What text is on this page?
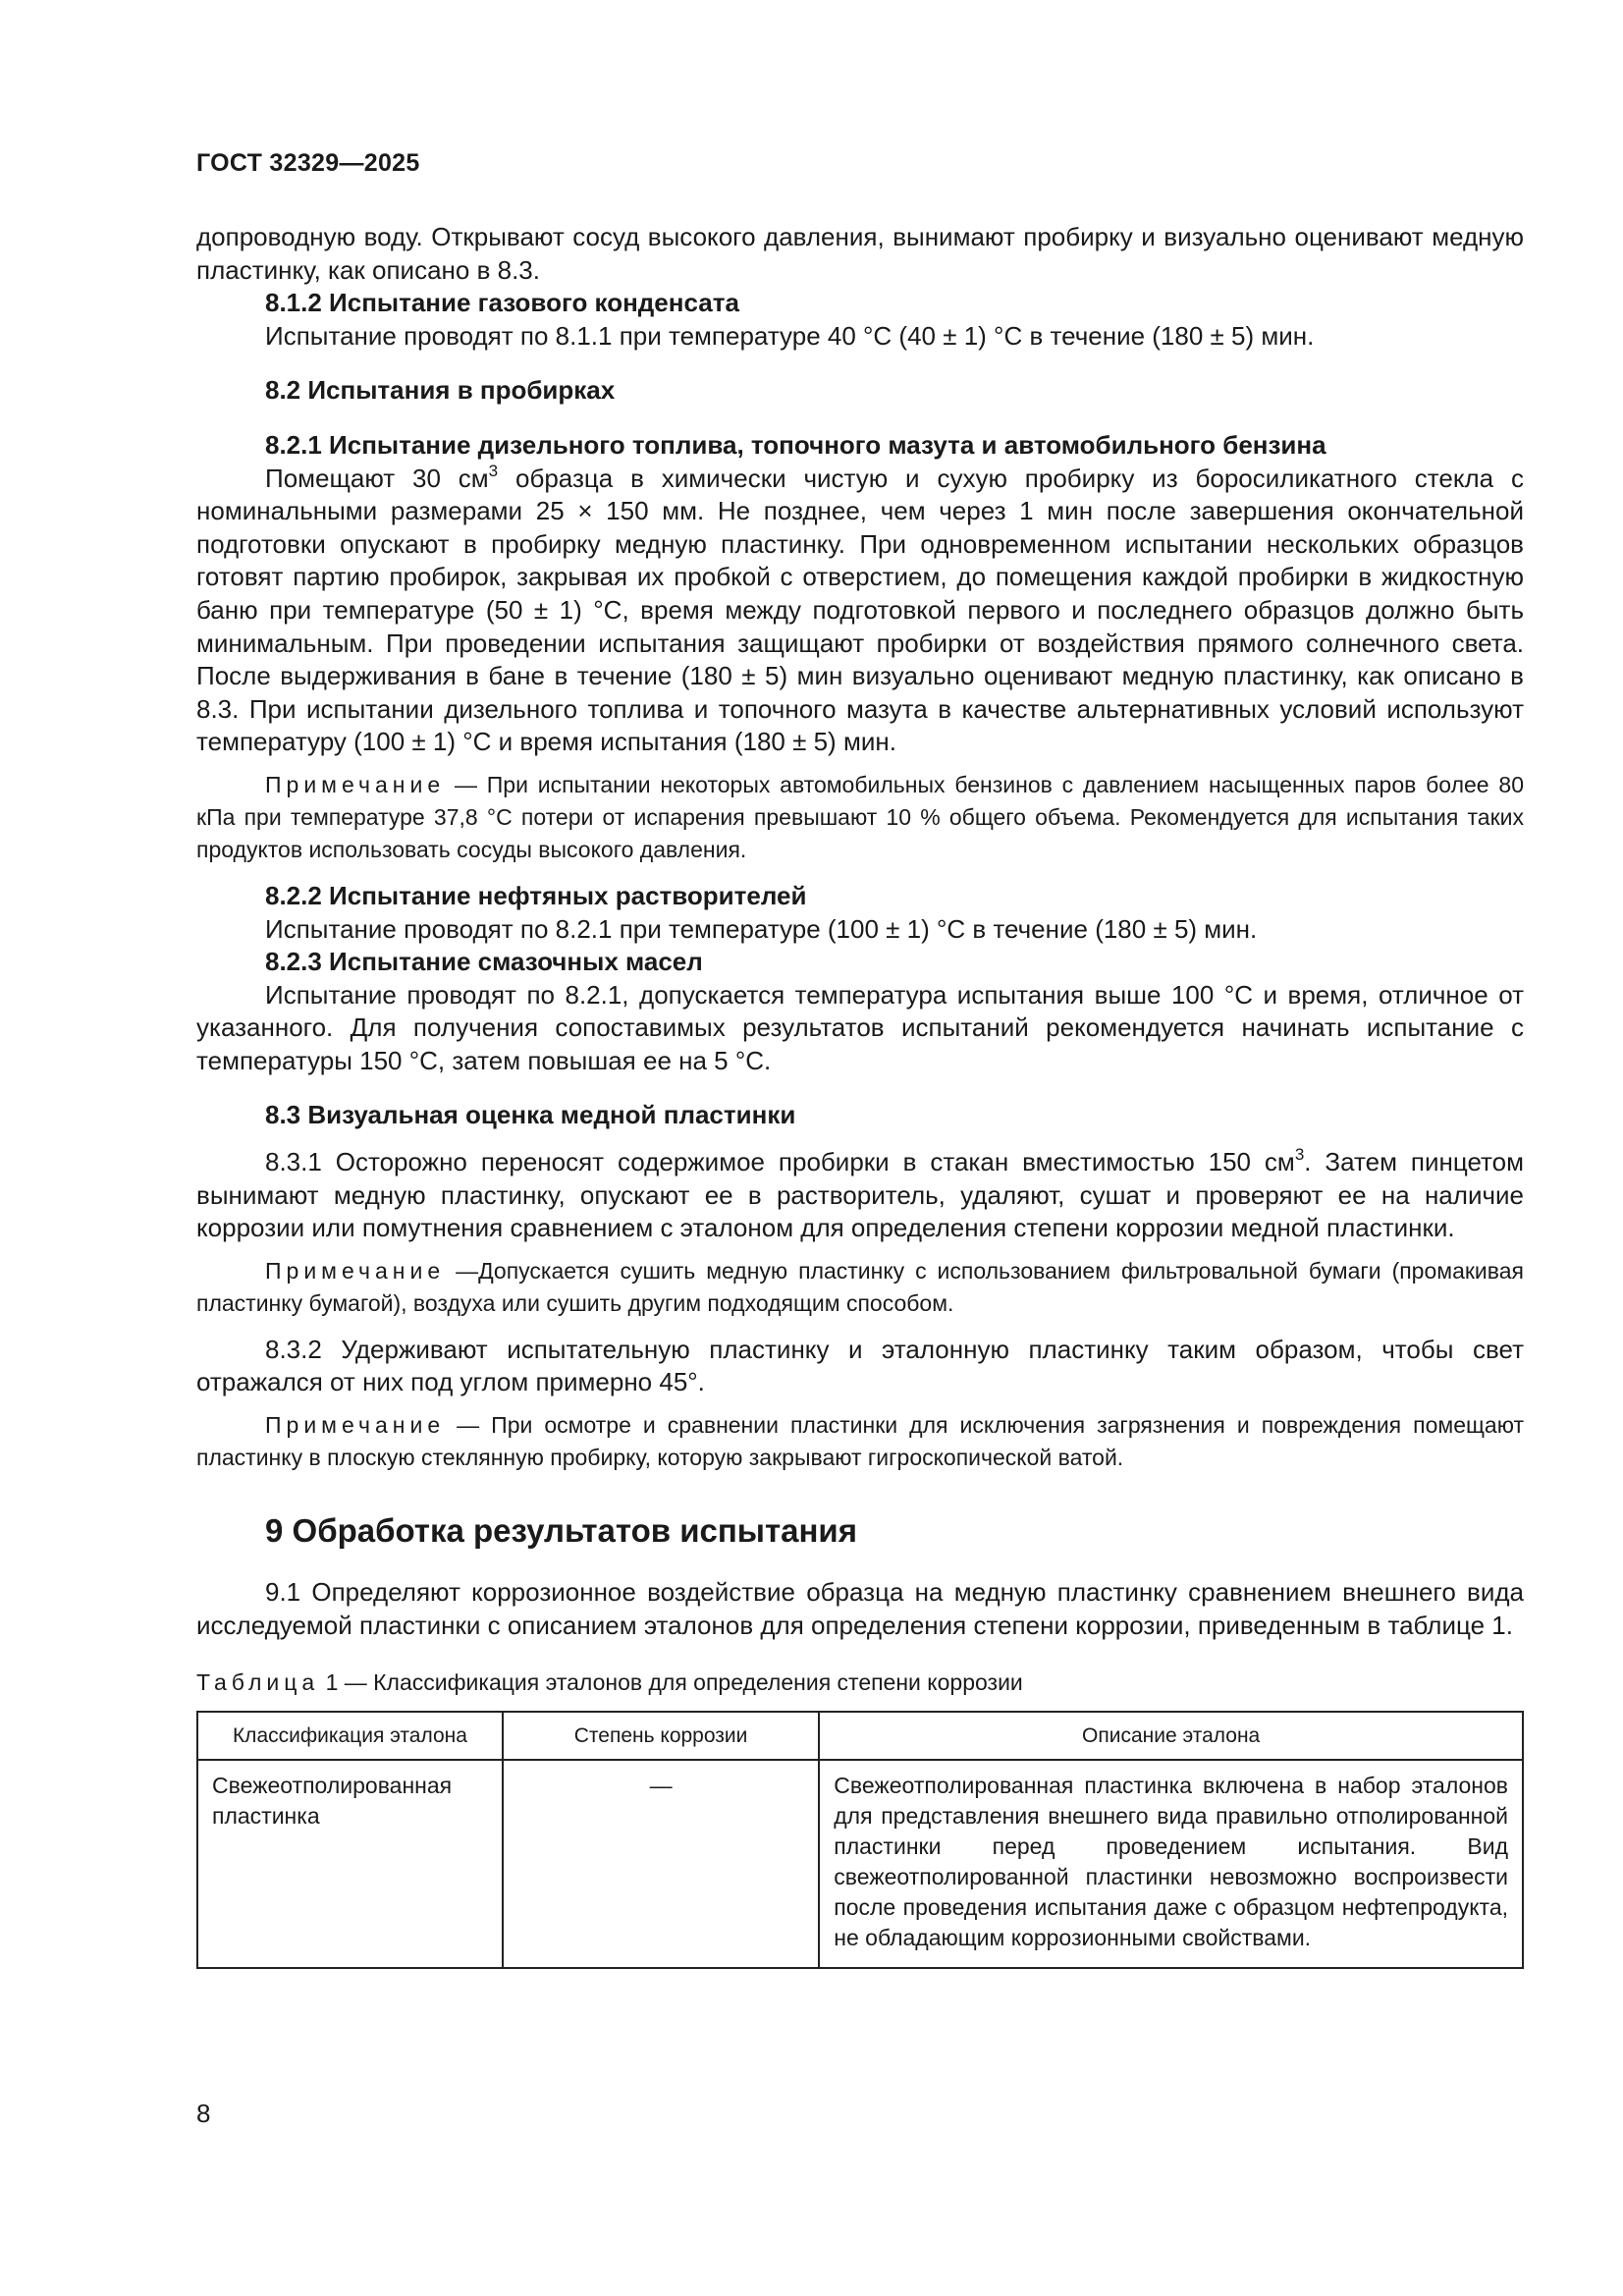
ГОСТ 32329—2025

допроводную воду. Открывают сосуд высокого давления, вынимают пробирку и визуально оценивают медную пластинку, как описано в 8.3.

8.1.2 Испытание газового конденсата

Испытание проводят по 8.1.1 при температуре 40 °C (40 ± 1) °C в течение (180 ± 5) мин.

8.2 Испытания в пробирках

8.2.1 Испытание дизельного топлива, топочного мазута и автомобильного бензина

Помещают 30 $см^3$ образца в химически чистую и сухую пробирку из боросиликатного стекла с номинальными размерами 25 × 150 мм. Не позднее, чем через 1 мин после завершения окончательной подготовки опускают в пробирку медную пластинку. При одновременном испытании нескольких образцов готовят партию пробирок, закрывая их пробкой с отверстием, до помещения каждой пробирки в жидкостную баню при температуре (50 ± 1) °C, время между подготовкой первого и последнего образцов должно быть минимальным. При проведении испытания защищают пробирки от воздействия прямого солнечного света. После выдерживания в бане в течение (180 ± 5) мин визуально оценивают медную пластинку, как описано в 8.3. При испытании дизельного топлива и топочного мазута в качестве альтернативных условий используют температуру (100 ± 1) °C и время испытания (180 ± 5) мин.

Примечание — При испытании некоторых автомобильных бензинов с давлением насыщенных паров более 80 кПа при температуре 37,8 °C потери от испарения превышают 10 % общего объема. Рекомендуется для испытания таких продуктов использовать сосуды высокого давления.

8.2.2 Испытание нефтяных растворителей

Испытание проводят по 8.2.1 при температуре (100 ± 1) °C в течение (180 ± 5) мин.

8.2.3 Испытание смазочных масел

Испытание проводят по 8.2.1, допускается температура испытания выше 100 °C и время, отличное от указанного. Для получения сопоставимых результатов испытаний рекомендуется начинать испытание с температуры 150 °C, затем повышая ее на 5 °C.

8.3 Визуальная оценка медной пластинки

8.3.1 Осторожно переносят содержимое пробирки в стакан вместимостью 150 $см^3$. Затем пинцетом вынимают медную пластинку, опускают ее в растворитель, удаляют, сушат и проверяют ее на наличие коррозии или помутнения сравнением с эталоном для определения степени коррозии медной пластинки.

Примечание —Допускается сушить медную пластинку с использованием фильтровальной бумаги (промакивая пластинку бумагой), воздуха или сушить другим подходящим способом.

8.3.2 Удерживают испытательную пластинку и эталонную пластинку таким образом, чтобы свет отражался от них под углом примерно 45°.

Примечание — При осмотре и сравнении пластинки для исключения загрязнения и повреждения помещают пластинку в плоскую стеклянную пробирку, которую закрывают гигроскопической ватой.

9 Обработка результатов испытания

9.1 Определяют коррозионное воздействие образца на медную пластинку сравнением внешнего вида исследуемой пластинки с описанием эталонов для определения степени коррозии, приведенным в таблице 1.

Таблица 1 — Классификация эталонов для определения степени коррозии

Классификация эталона	Степень коррозии	Описание эталона
Свежеотполированная пластинка	—	Свежеотполированная пластинка включена в набор эталонов для представления внешнего вида правильно отполированной пластинки перед проведением испытания. Вид свежеотполированной пластинки невозможно воспроизвести после проведения испытания даже с образцом нефтепродукта, не обладающим коррозионными свойствами.
8
